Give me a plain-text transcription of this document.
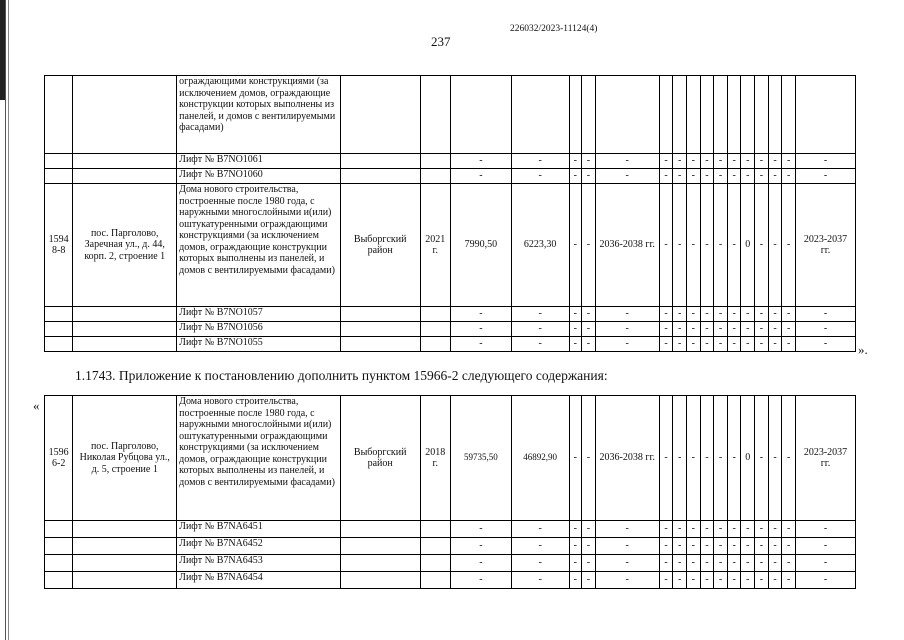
237
226032/2023-11124(4)
		ограждающими конструкциями (за исключением домов, ограждающие конструкции которых выполнены из панелей, и домов с вентилируемыми фасадами)																		
		Лифт № B7NO1061			-	-	-	-	-	-	-	-	-	-	-	-	-	-	-	-
		Лифт № B7NO1060			-	-	-	-	-	-	-	-	-	-	-	-	-	-	-	-
1594 8-8	пос. Парголово, Заречная ул., д. 44, корп. 2, строение 1	Дома нового строительства, построенные после 1980 года, с наружными многослойными и(или) оштукатуренными ограждающими конструкциями (за исключением домов, ограждающие конструкции которых выполнены из панелей, и домов с вентилируемыми фасадами)	Выборгский район	2021 г.	7990,50	6223,30	-	-	2036-2038 гг.	-	-	-	-	-	-	0	-	-	-	2023-2037 гг.
		Лифт № B7NO1057			-	-	-	-	-	-	-	-	-	-	-	-	-	-	-	-
		Лифт № B7NO1056			-	-	-	-	-	-	-	-	-	-	-	-	-	-	-	-
		Лифт № B7NO1055			-	-	-	-	-	-	-	-	-	-	-	-	-	-	-	- ».
1.1743. Приложение к постановлению дополнить пунктом 15966-2 следующего содержания:
«
1596 6-2	пос. Парголово, Николая Рубцова ул., д. 5, строение 1	Дома нового строительства, построенные после 1980 года, с наружными многослойными и(или) оштукатуренными ограждающими конструкциями (за исключением домов, ограждающие конструкции которых выполнены из панелей, и домов с вентилируемыми фасадами)	Выборгский район	2018 г.	59735,50	46892,90	-	-	2036-2038 гг.	-	-	-	-	-	-	0	-	-	-	2023-2037 гг.
		Лифт № B7NA6451			-	-	-	-	-	-	-	-	-	-	-	-	-	-	-	-
		Лифт № B7NA6452			-	-	-	-	-	-	-	-	-	-	-	-	-	-	-	-
		Лифт № B7NA6453			-	-	-	-	-	-	-	-	-	-	-	-	-	-	-	-
		Лифт № B7NA6454			-	-	-	-	-	-	-	-	-	-	-	-	-	-	-	-
